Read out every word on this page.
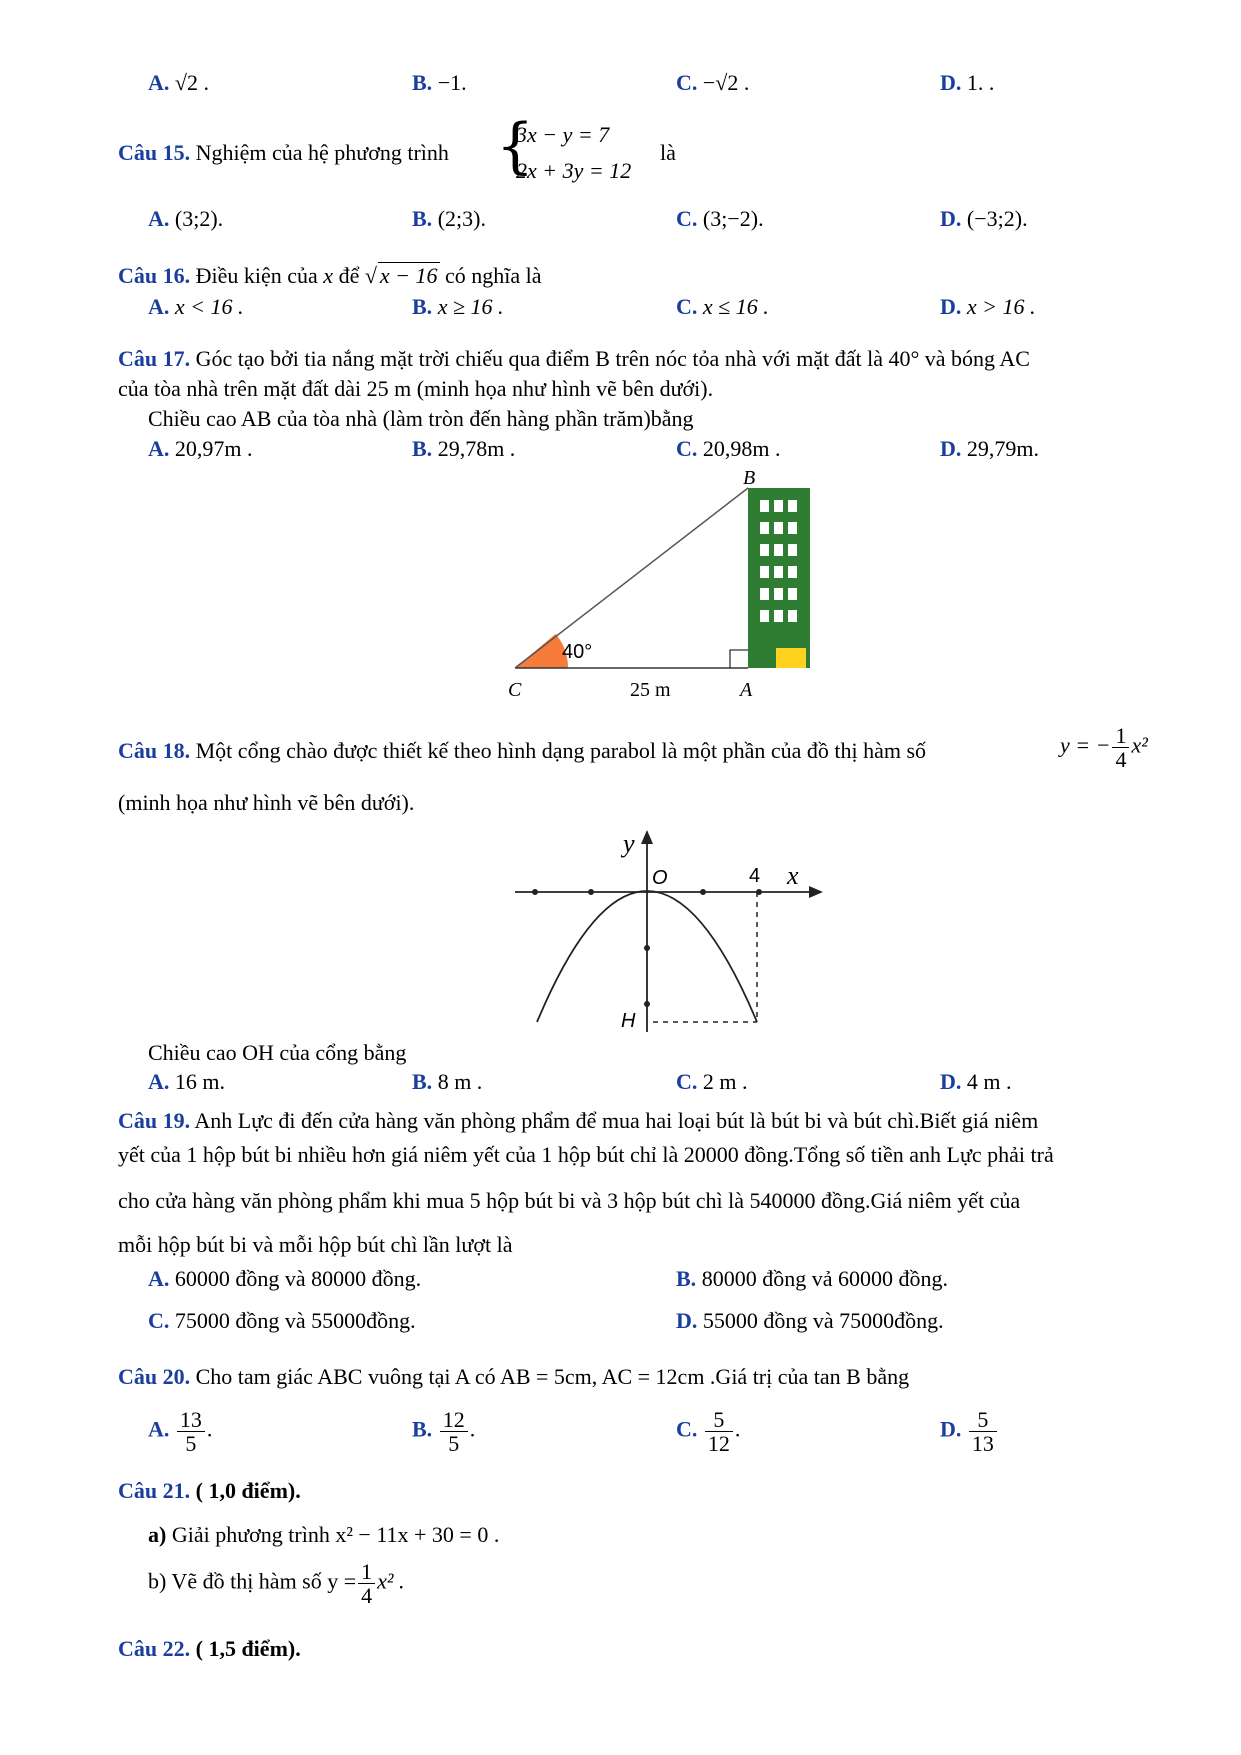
A. √2 .	B. −1.	C. −√2 .	D. 1. .
Câu 15. Nghiệm của hệ phương trình {
3x − y = 7
2x + 3y = 12
là
A. (3;2).	B. (2;3).	C. (3;−2).	D. (−3;2).
Câu 16. Điều kiện của x để √ x − 16 có nghĩa là
A. x < 16 .	B. x ≥ 16 .	C. x ≤ 16 .	D. x > 16 .
Câu 17. Góc tạo bởi tia nắng mặt trời chiếu qua điểm B trên nóc tỏa nhà với mặt đất là 40° và bóng AC
của tòa nhà trên mặt đất dài 25 m (minh họa như hình vẽ bên dưới).
Chiều cao AB của tòa nhà (làm tròn đến hàng phần trăm)bằng
A. 20,97m .	B. 29,78m .	C. 20,98m .	D. 29,79m.
B
C	A
40°
25 m
Câu 18. Một cổng chào được thiết kế theo hình dạng parabol là một phần của đồ thị hàm số	y = − $\frac{1}{4} x^2$
(minh họa như hình vẽ bên dưới).
y
x
O	4
H
Chiều cao OH của cổng bằng
A. 16 m.	B. 8 m .	C. 2 m .	D. 4 m .
Câu 19. Anh Lực đi đến cửa hàng văn phòng phẩm để mua hai loại bút là bút bi và bút chì.Biết giá niêm
yết của 1 hộp bút bi nhiều hơn giá niêm yết của 1 hộp bút chỉ là 20000 đồng.Tổng số tiền anh Lực phải trả
cho cửa hàng văn phòng phẩm khi mua 5 hộp bút bi và 3 hộp bút chì là 540000 đồng.Giá niêm yết của
mỗi hộp bút bi và mỗi hộp bút chì lần lượt là
A. 60000 đồng và 80000 đồng.	B. 80000 đồng vả 60000 đồng.
C. 75000 đồng và 55000đồng.	D. 55000 đồng và 75000đồng.
Câu 20. Cho tam giác ABC vuông tại A có AB = 5cm, AC = 12cm .Giá trị của tan B bằng
A. $\frac{13}{5}$ .	B. $\frac{12}{5}$ .	C. $\frac{5}{12}$ .	D. $\frac{5}{13}$
Câu 21. ( 1,0 điểm).
a) Giải phương trình x² − 11x + 30 = 0 .
b) Vẽ đồ thị hàm số $y = \frac{1}{4} x^2$ .
Câu 22. ( 1,5 điểm).
